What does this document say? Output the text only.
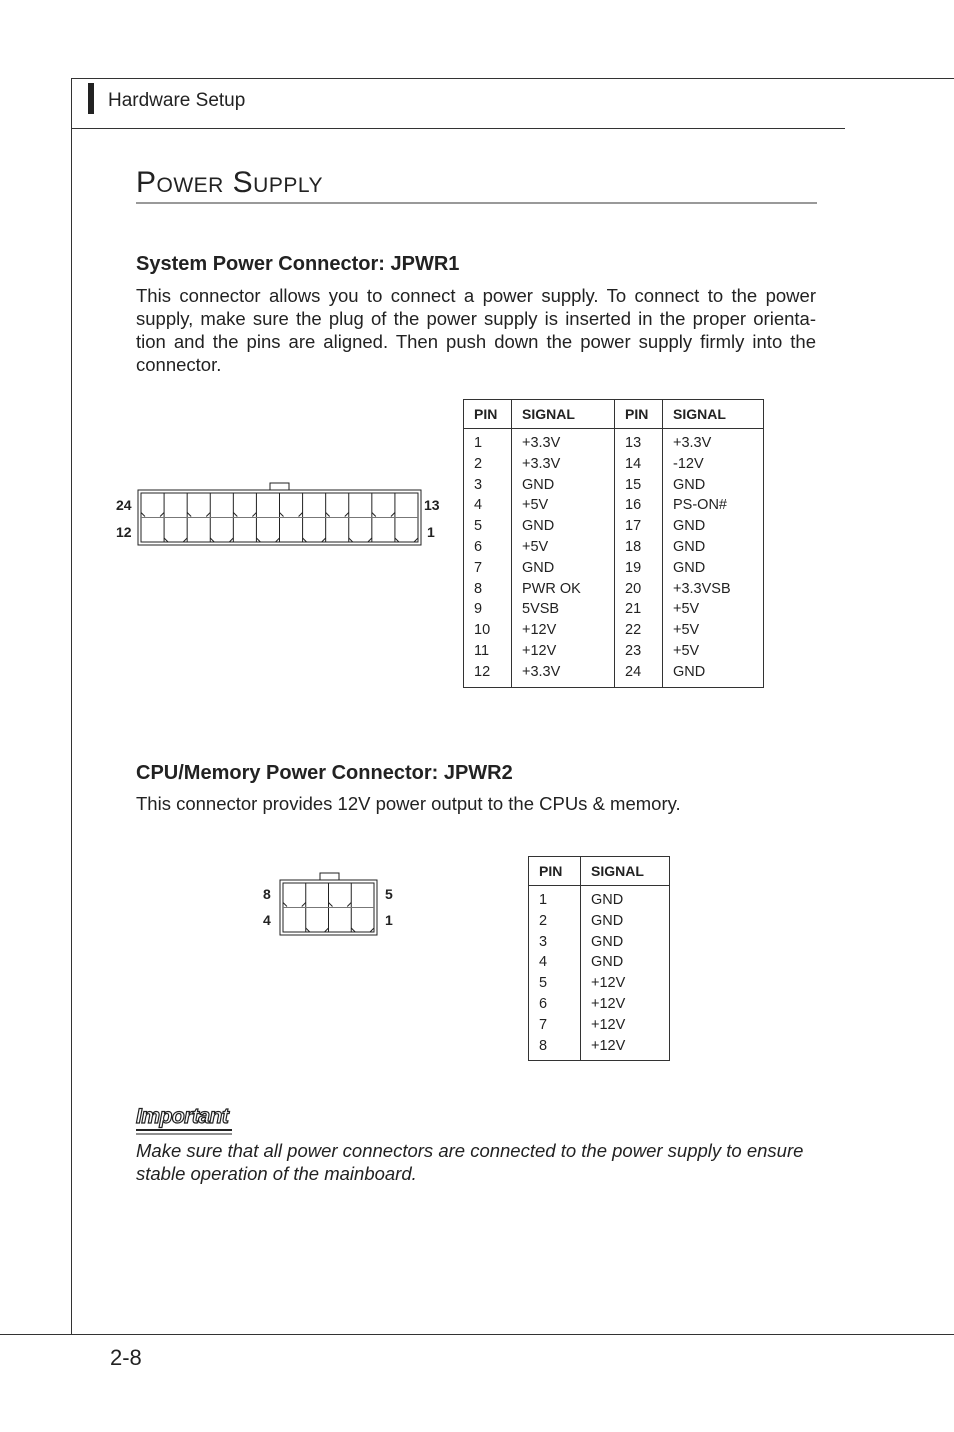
Hardware Setup
Power Supply
System Power Connector: JPWR1
This connector allows you to connect a power supply. To connect to the power supply, make sure the plug of the power supply is inserted in the proper orienta-tion and the pins are aligned. Then push down the power supply firmly into the connector.
24
12
13
1
PIN	SIGNAL	PIN	SIGNAL
1	+3.3V	13	+3.3V
2	+3.3V	14	-12V
3	GND	15	GND
4	+5V	16	PS-ON#
5	GND	17	GND
6	+5V	18	GND
7	GND	19	GND
8	PWR OK	20	+3.3VSB
9	5VSB	21	+5V
10	+12V	22	+5V
11	+12V	23	+5V
12	+3.3V	24	GND
CPU/Memory Power Connector: JPWR2
This connector provides 12V power output to the CPUs & memory.
8
4
5
1
PIN	SIGNAL
1	GND
2	GND
3	GND
4	GND
5	+12V
6	+12V
7	+12V
8	+12V
Important
Make sure that all power connectors are connected to the power supply to ensure stable operation of the mainboard.
2-8
